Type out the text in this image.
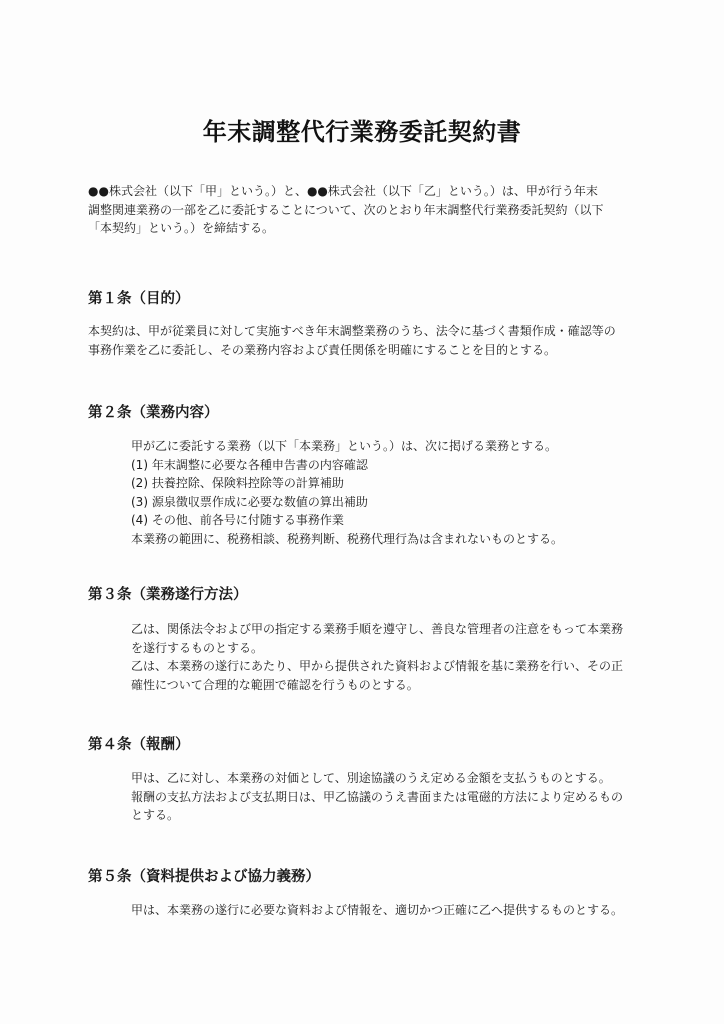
年末調整代行業務委託契約書

●●株式会社（以下「甲」という。）と、●●株式会社（以下「乙」という。）は、甲が行う年末

調整関連業務の一部を乙に委託することについて、次のとおり年末調整代行業務委託契約（以下

「本契約」という。）を締結する。

第１条（目的）

本契約は、甲が従業員に対して実施すべき年末調整業務のうち、法令に基づく書類作成・確認等の

事務作業を乙に委託し、その業務内容および責任関係を明確にすることを目的とする。

第２条（業務内容）

甲が乙に委託する業務（以下「本業務」という。）は、次に掲げる業務とする。

(1) 年末調整に必要な各種申告書の内容確認

(2) 扶養控除、保険料控除等の計算補助

(3) 源泉徴収票作成に必要な数値の算出補助

(4) その他、前各号に付随する事務作業

本業務の範囲に、税務相談、税務判断、税務代理行為は含まれないものとする。

第３条（業務遂行方法）

乙は、関係法令および甲の指定する業務手順を遵守し、善良な管理者の注意をもって本業務

を遂行するものとする。

乙は、本業務の遂行にあたり、甲から提供された資料および情報を基に業務を行い、その正

確性について合理的な範囲で確認を行うものとする。

第４条（報酬）

甲は、乙に対し、本業務の対価として、別途協議のうえ定める金額を支払うものとする。

報酬の支払方法および支払期日は、甲乙協議のうえ書面または電磁的方法により定めるもの

とする。

第５条（資料提供および協力義務）

甲は、本業務の遂行に必要な資料および情報を、適切かつ正確に乙へ提供するものとする。
